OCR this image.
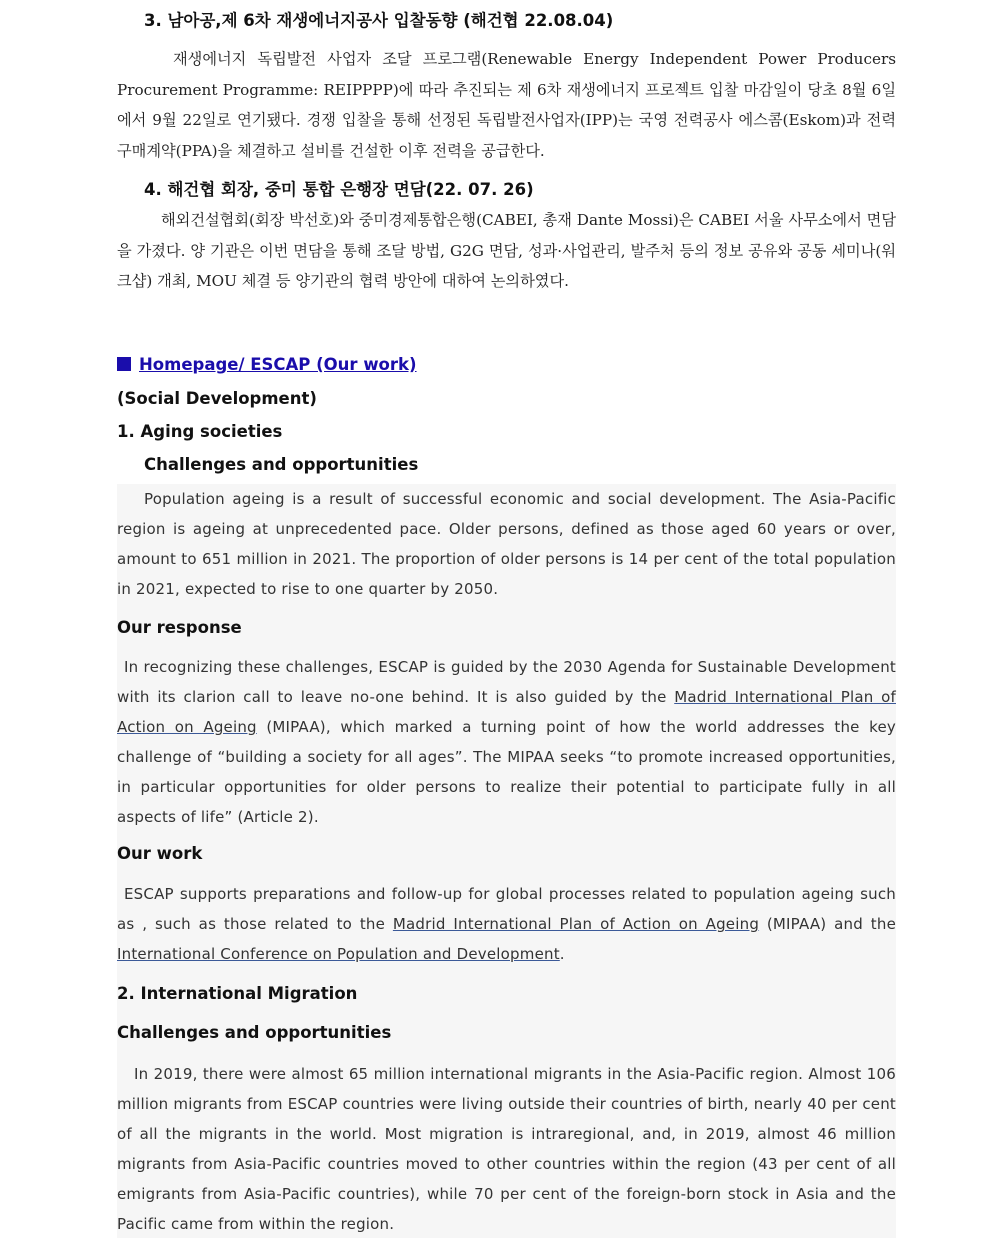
3. 남아공,제 6차 재생에너지공사 입찰동향 (해건협 22.08.04)

재생에너지 독립발전 사업자 조달 프로그램(Renewable Energy Independent Power Producers Procurement Programme: REIPPPP)에 따라 추진되는 제 6차 재생에너지 프로젝트 입찰 마감일이 당초 8월 6일에서 9월 22일로 연기됐다. 경쟁 입찰을 통해 선정된 독립발전사업자(IPP)는 국영 전력공사 에스콤(Eskom)과 전력구매계약(PPA)을 체결하고 설비를 건설한 이후 전력을 공급한다.

4. 해건협 회장, 중미 통합 은행장 면담(22. 07. 26)

해외건설협회(회장 박선호)와 중미경제통합은행(CABEI, 총재 Dante Mossi)은 CABEI 서울 사무소에서 면담을 가졌다. 양 기관은 이번 면담을 통해 조달 방법, G2G 면담, 성과·사업관리, 발주처 등의 정보 공유와 공동 세미나(워크샵) 개최, MOU 체결 등 양기관의 협력 방안에 대하여 논의하였다.

Homepage/ ESCAP (Our work)
(Social Development)
1. Aging societies
Challenges and opportunities

Population ageing is a result of successful economic and social development. The Asia-Pacific region is ageing at unprecedented pace. Older persons, defined as those aged 60 years or over, amount to 651 million in 2021. The proportion of older persons is 14 per cent of the total population in 2021, expected to rise to one quarter by 2050.

Our response

In recognizing these challenges, ESCAP is guided by the 2030 Agenda for Sustainable Development with its clarion call to leave no-one behind. It is also guided by the Madrid International Plan of Action on Ageing (MIPAA), which marked a turning point of how the world addresses the key challenge of “building a society for all ages”. The MIPAA seeks “to promote increased opportunities, in particular opportunities for older persons to realize their potential to participate fully in all aspects of life” (Article 2).

Our work

ESCAP supports preparations and follow-up for global processes related to population ageing such as , such as those related to the Madrid International Plan of Action on Ageing (MIPAA) and the International Conference on Population and Development.

2. International Migration
Challenges and opportunities

In 2019, there were almost 65 million international migrants in the Asia-Pacific region. Almost 106 million migrants from ESCAP countries were living outside their countries of birth, nearly 40 per cent of all the migrants in the world. Most migration is intraregional, and, in 2019, almost 46 million migrants from Asia-Pacific countries moved to other countries within the region (43 per cent of all emigrants from Asia-Pacific countries), while 70 per cent of the foreign-born stock in Asia and the Pacific came from within the region.
